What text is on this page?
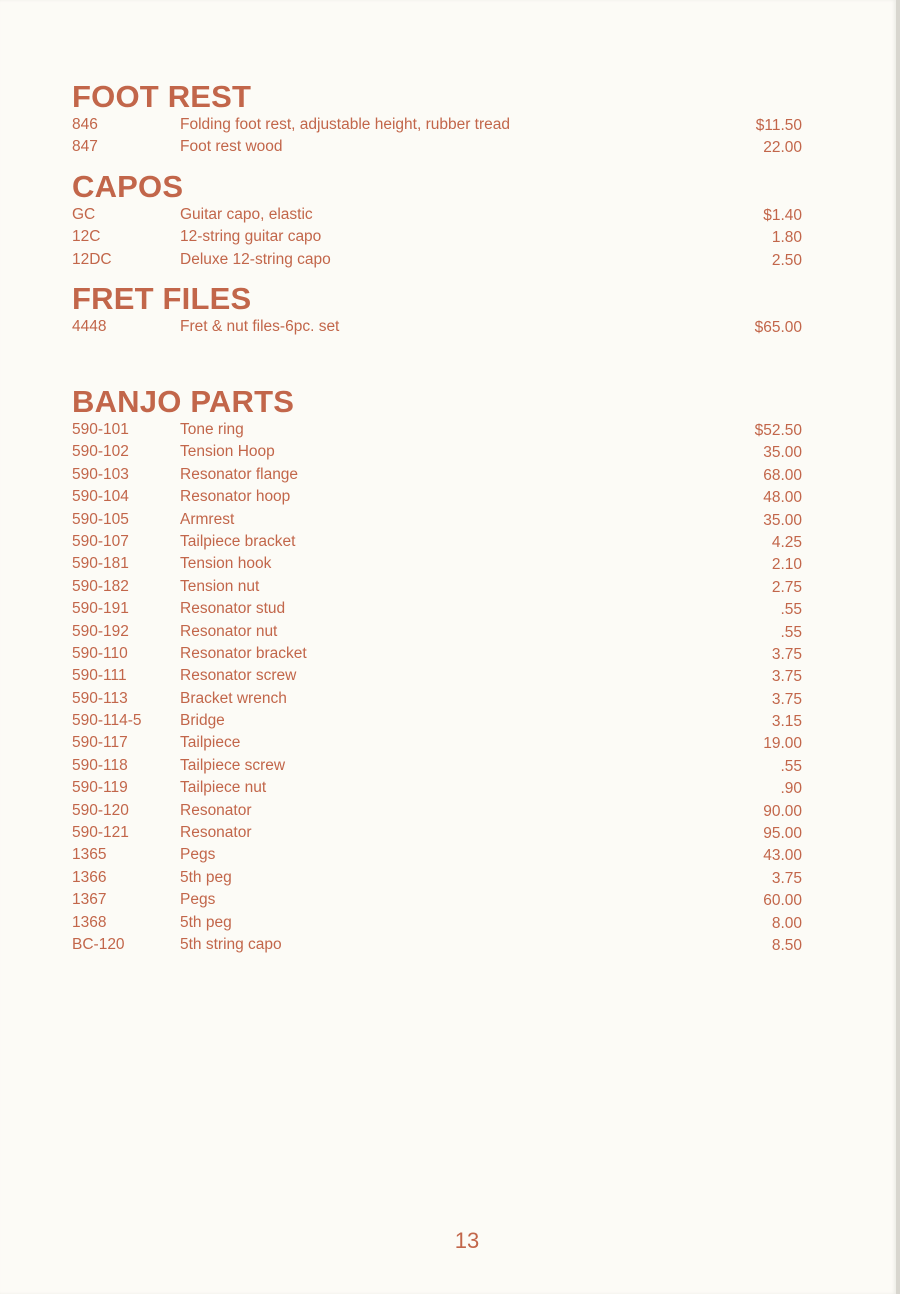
FOOT REST
846	Folding foot rest, adjustable height, rubber tread	$11.50
847	Foot rest wood	22.00
CAPOS
GC	Guitar capo, elastic	$1.40
12C	12-string guitar capo	1.80
12DC	Deluxe 12-string capo	2.50
FRET FILES
4448	Fret & nut files-6pc. set	$65.00
BANJO PARTS
590-101	Tone ring	$52.50
590-102	Tension Hoop	35.00
590-103	Resonator flange	68.00
590-104	Resonator hoop	48.00
590-105	Armrest	35.00
590-107	Tailpiece bracket	4.25
590-181	Tension hook	2.10
590-182	Tension nut	2.75
590-191	Resonator stud	.55
590-192	Resonator nut	.55
590-110	Resonator bracket	3.75
590-111	Resonator screw	3.75
590-113	Bracket wrench	3.75
590-114-5 Bridge	3.15
590-117	Tailpiece	19.00
590-118	Tailpiece screw	.55
590-119	Tailpiece nut	.90
590-120	Resonator	90.00
590-121	Resonator	95.00
1365	Pegs	43.00
1366	5th peg	3.75
1367	Pegs	60.00
1368	5th peg	8.00
BC-120	5th string capo	8.50
13
